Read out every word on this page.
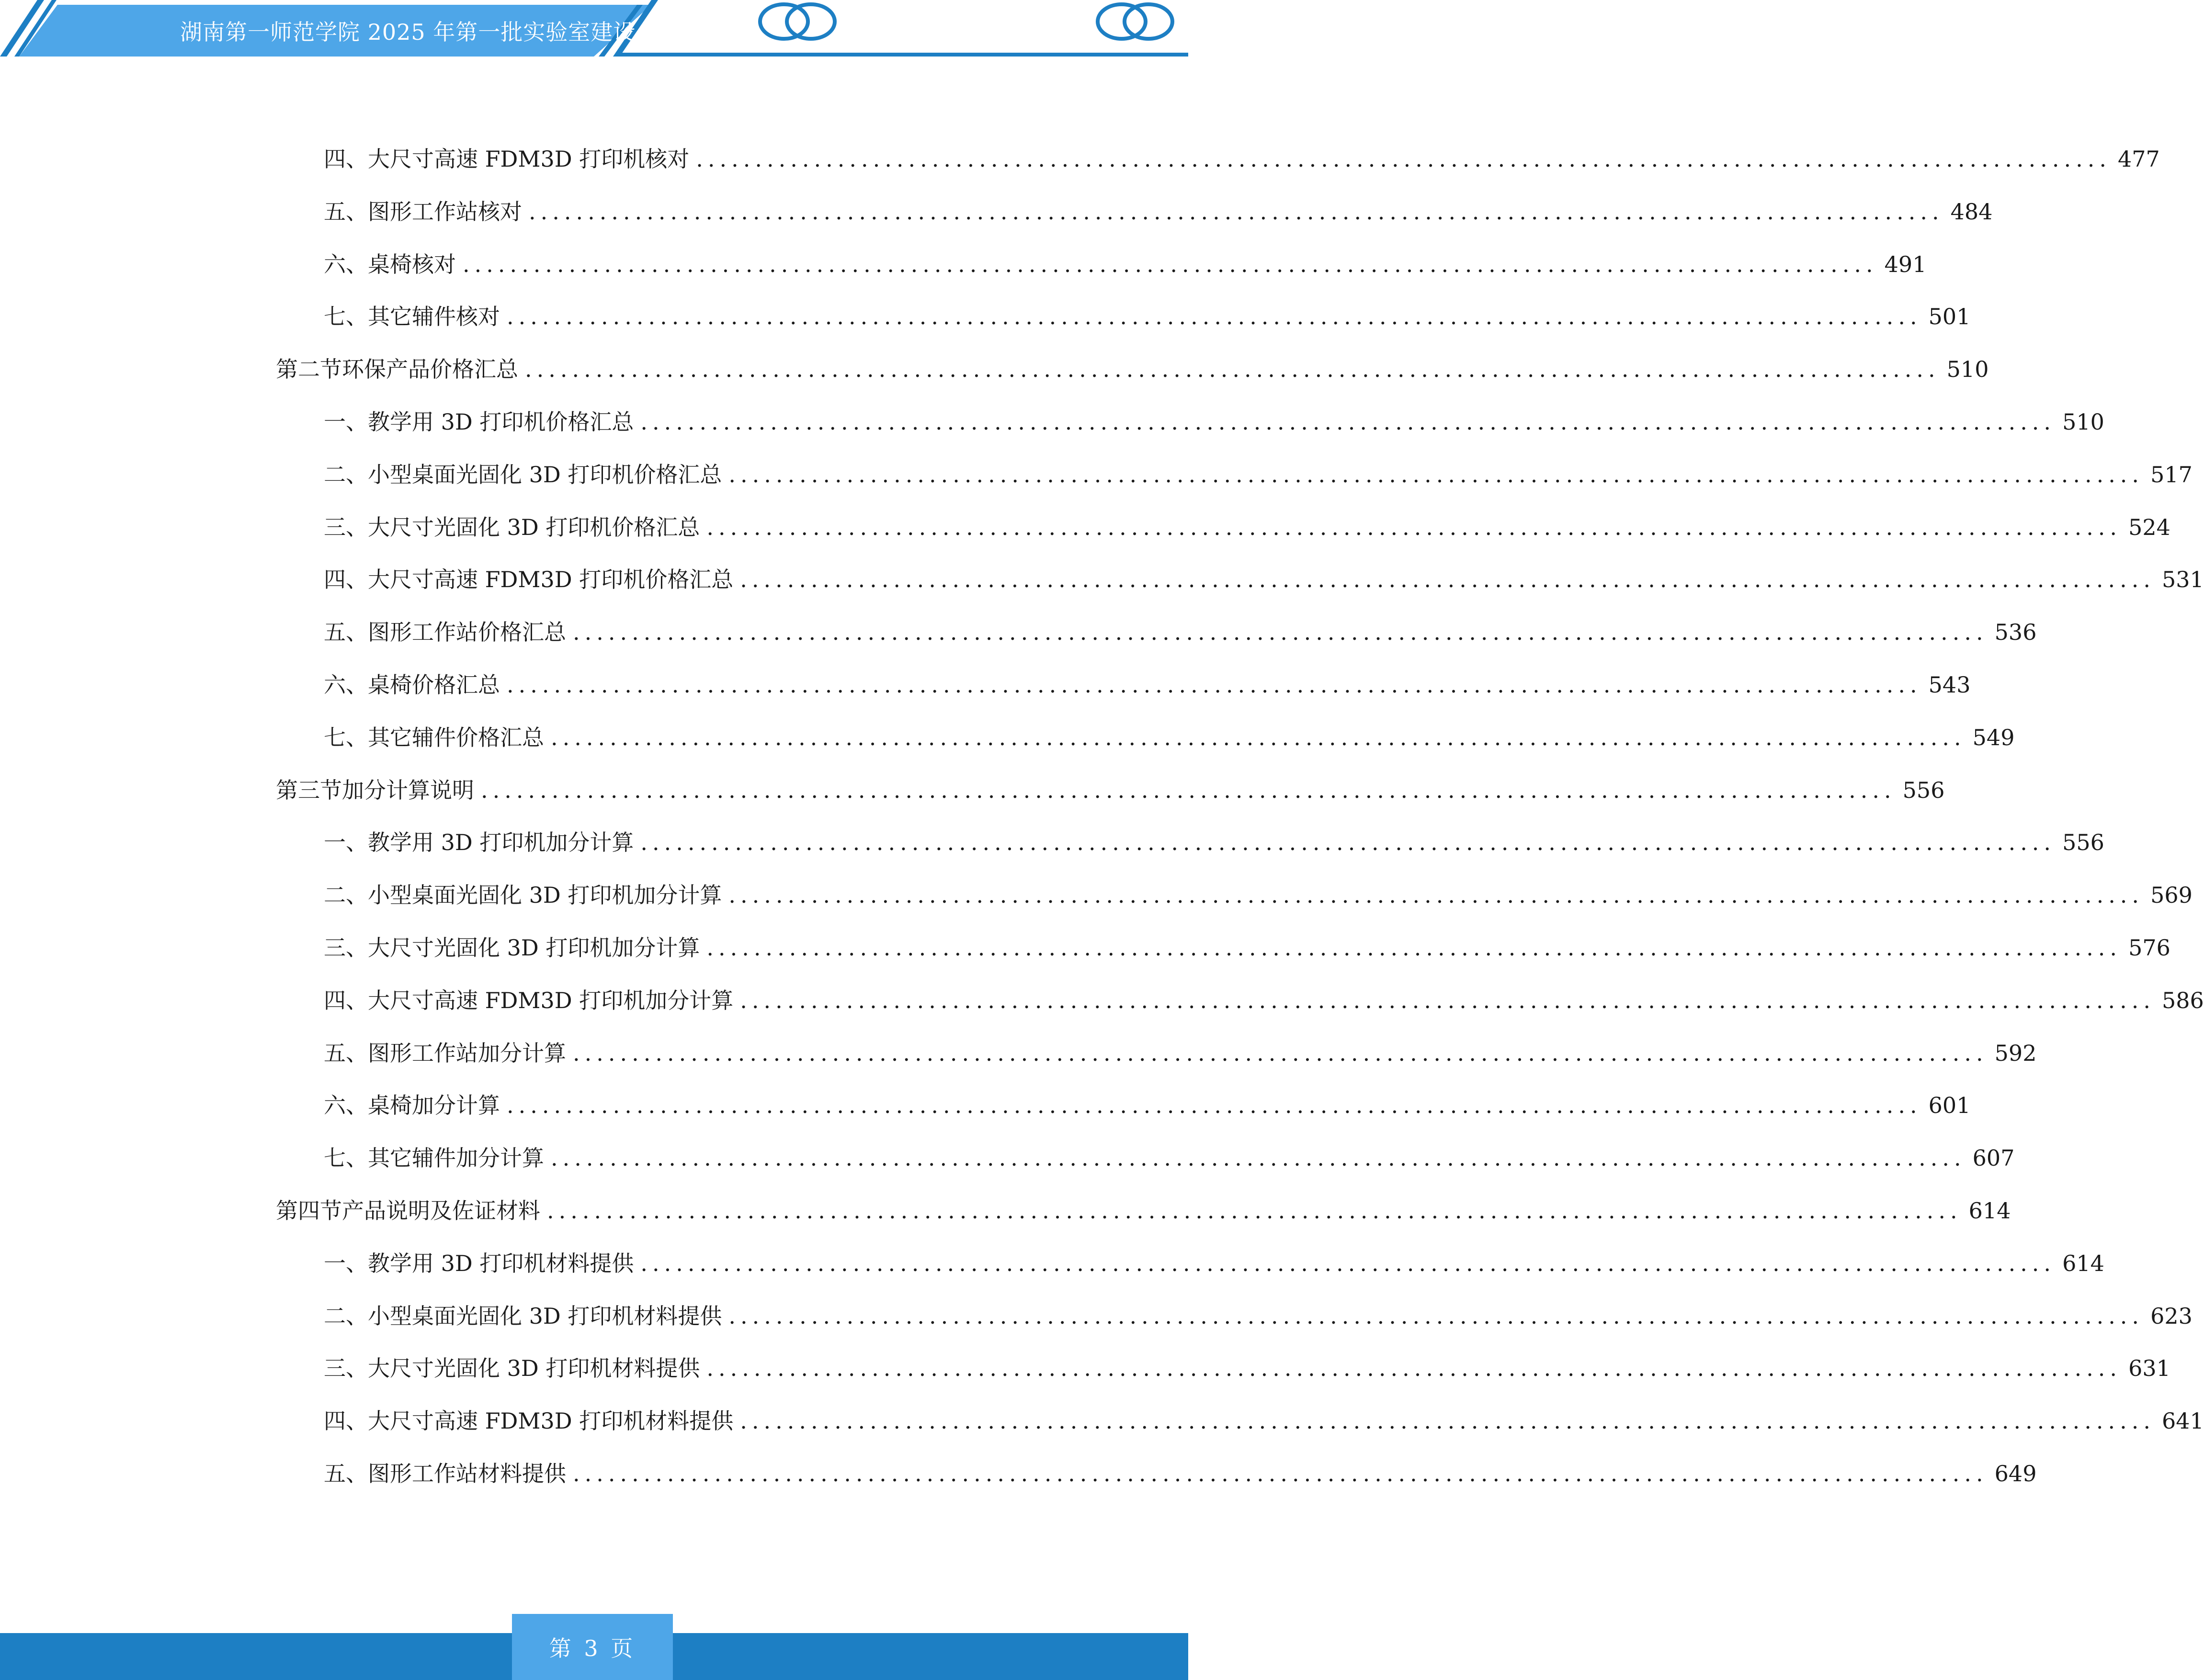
湖南第一师范学院 2025 年第一批实验室建设
四、 大尺寸高速 FDM3D 打印机核对 ........................................................................................................................ 477
五、 图形工作站核对 ........................................................................................................................ 484
六、 桌椅核对 ........................................................................................................................ 491
七、 其它辅件核对 ........................................................................................................................ 501
第二节 环保产品价格汇总 ........................................................................................................................ 510
一、 教学用 3D 打印机价格汇总 ........................................................................................................................ 510
二、 小型桌面光固化 3D 打印机价格汇总 ........................................................................................................................ 517
三、 大尺寸光固化 3D 打印机价格汇总 ........................................................................................................................ 524
四、 大尺寸高速 FDM3D 打印机价格汇总 ........................................................................................................................ 531
五、 图形工作站价格汇总 ........................................................................................................................ 536
六、 桌椅价格汇总 ........................................................................................................................ 543
七、 其它辅件价格汇总 ........................................................................................................................ 549
第三节 加分计算说明 ........................................................................................................................ 556
一、 教学用 3D 打印机加分计算 ........................................................................................................................ 556
二、 小型桌面光固化 3D 打印机加分计算 ........................................................................................................................ 569
三、 大尺寸光固化 3D 打印机加分计算 ........................................................................................................................ 576
四、 大尺寸高速 FDM3D 打印机加分计算 ........................................................................................................................ 586
五、 图形工作站加分计算 ........................................................................................................................ 592
六、 桌椅加分计算 ........................................................................................................................ 601
七、 其它辅件加分计算 ........................................................................................................................ 607
第四节 产品说明及佐证材料 ........................................................................................................................ 614
一、 教学用 3D 打印机材料提供 ........................................................................................................................ 614
二、 小型桌面光固化 3D 打印机材料提供 ........................................................................................................................ 623
三、 大尺寸光固化 3D 打印机材料提供 ........................................................................................................................ 631
四、 大尺寸高速 FDM3D 打印机材料提供 ........................................................................................................................ 641
五、 图形工作站材料提供 ........................................................................................................................ 649
第 3 页
